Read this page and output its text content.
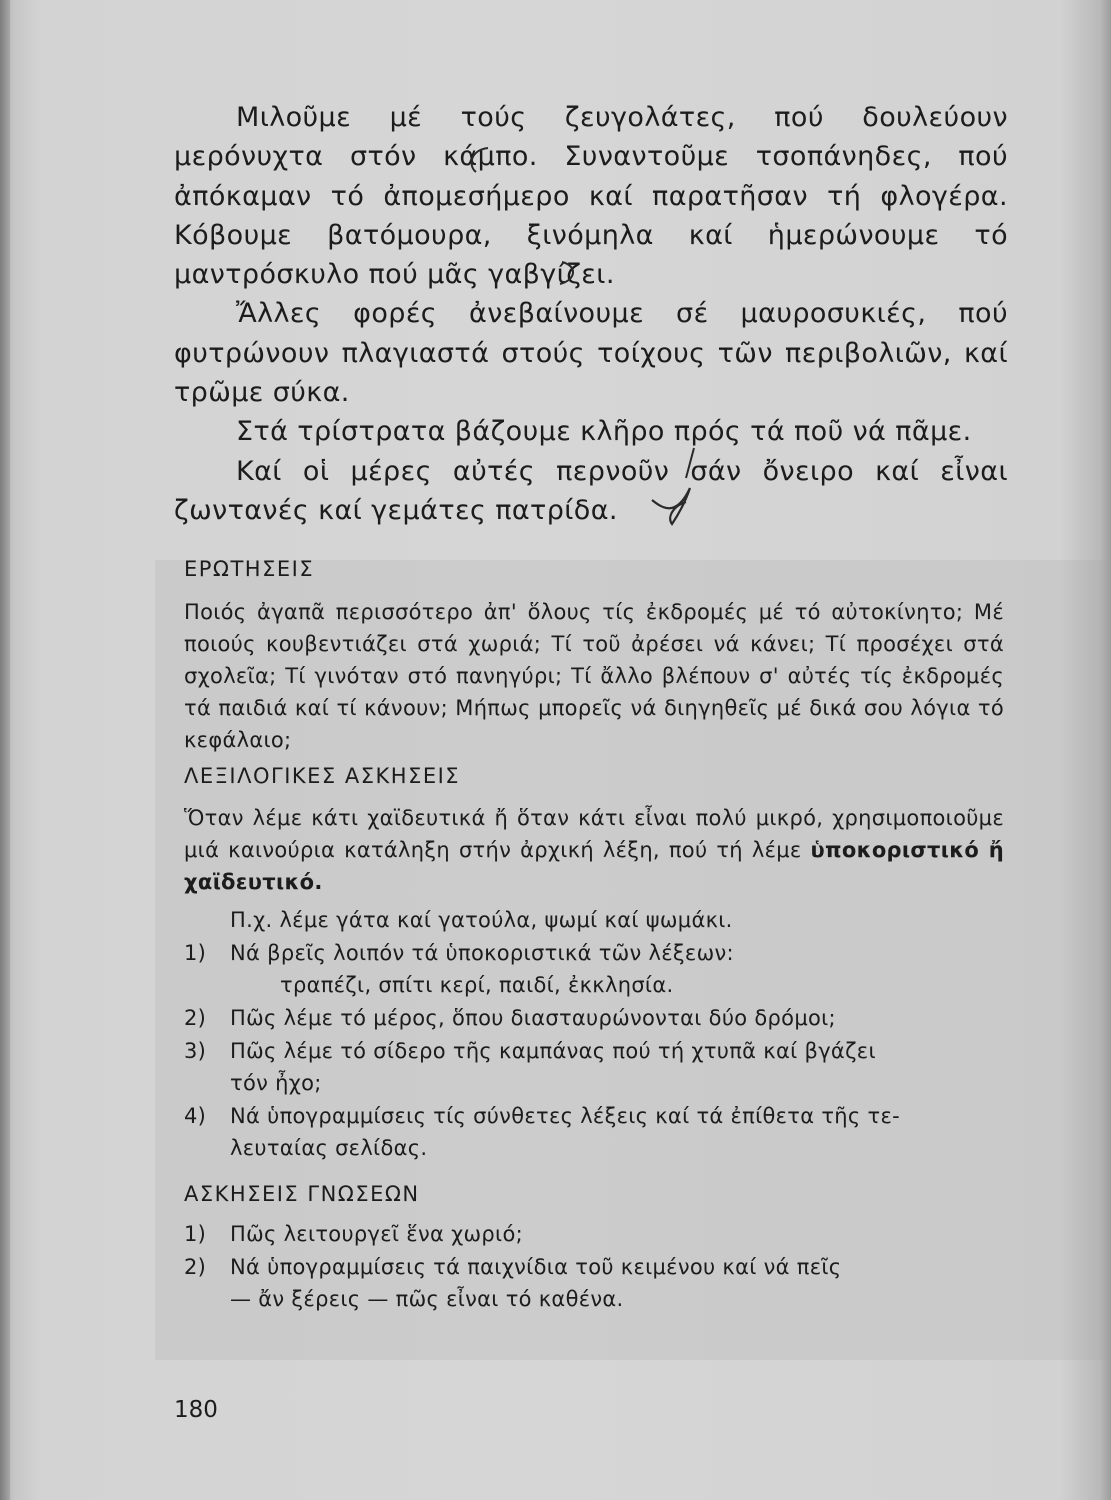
Μιλοῦμε μέ τούς ζευγολάτες, πού δουλεύουν μερόνυχτα στόν κάμπο. Συναντοῦμε τσοπάνηδες, πού ἀπόκαμαν τό ἀπομεσήμερο καί παρατῆσαν τή φλογέρα. Κόβουμε βατόμουρα, ξινόμηλα καί ἡμερώνουμε τό μαντρόσκυλο πού μᾶς γαβγίζει.

Ἄλλες φορές ἀνεβαίνουμε σέ μαυροσυκιές, πού φυτρώνουν πλαγιαστά στούς τοίχους τῶν περιβολιῶν, καί τρῶμε σύκα.

Στά τρίστρατα βάζουμε κλῆρο πρός τά ποῦ νά πᾶμε.

Καί οἱ μέρες αὐτές περνοῦν σάν ὄνειρο καί εἶναι ζωντανές καί γεμάτες πατρίδα.

ΕΡΩΤΗΣΕΙΣ

Ποιός ἀγαπᾶ περισσότερο ἀπ' ὅλους τίς ἐκδρομές μέ τό αὐτοκίνητο; Μέ ποιούς κουβεντιάζει στά χωριά; Τί τοῦ ἀρέσει νά κάνει; Τί προσέχει στά σχολεῖα; Τί γινόταν στό πανηγύρι; Τί ἄλλο βλέπουν σ' αὐτές τίς ἐκδρομές τά παιδιά καί τί κάνουν; Μήπως μπορεῖς νά διηγηθεῖς μέ δικά σου λόγια τό κεφάλαιο;

ΛΕΞΙΛΟΓΙΚΕΣ ΑΣΚΗΣΕΙΣ

Ὅταν λέμε κάτι χαϊδευτικά ἤ ὅταν κάτι εἶναι πολύ μικρό, χρησιμοποιοῦμε μιά καινούρια κατάληξη στήν ἀρχική λέξη, πού τή λέμε ὑποκοριστικό ἤ χαϊδευτικό.

Π.χ. λέμε γάτα καί γατούλα, ψωμί καί ψωμάκι.
1)	Νά βρεῖς λοιπόν τά ὑποκοριστικά τῶν λέξεων:
τραπέζι, σπίτι κερί, παιδί, ἐκκλησία.
2)	Πῶς λέμε τό μέρος, ὅπου διασταυρώνονται δύο δρόμοι;
3)	Πῶς λέμε τό σίδερο τῆς καμπάνας πού τή χτυπᾶ καί βγάζει
τόν ἦχο;
4)	Νά ὑπογραμμίσεις τίς σύνθετες λέξεις καί τά ἐπίθετα τῆς τε-
λευταίας σελίδας.
ΑΣΚΗΣΕΙΣ ΓΝΩΣΕΩΝ
1)	Πῶς λειτουργεῖ ἕνα χωριό;
2)	Νά ὑπογραμμίσεις τά παιχνίδια τοῦ κειμένου καί νά πεῖς
— ἄν ξέρεις — πῶς εἶναι τό καθένα.
180
